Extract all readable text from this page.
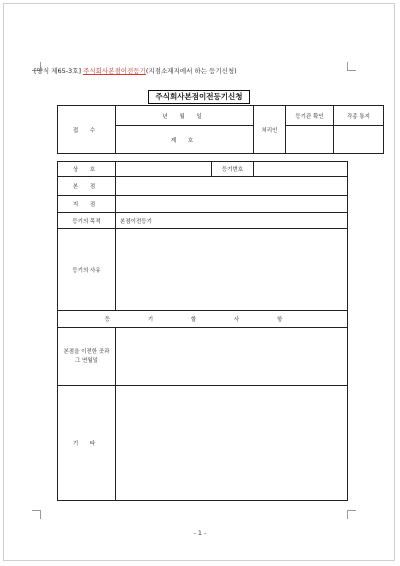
[양식 제65-3호] 주식회사본점이전등기(지점소재지에서 하는 등기신청)
주식회사본점이전등기신청
접 수	년 월 일	처리인	등기관 확인	각종 통지
	제 호			
상 호		등기번호	
본 점			
지 점			
등기의 목적	본점이전등기		
등기의 사유			
등 기 할 사 항			
본점을 이전한 곳과 그 연월일			
기 타			
- 1 -
